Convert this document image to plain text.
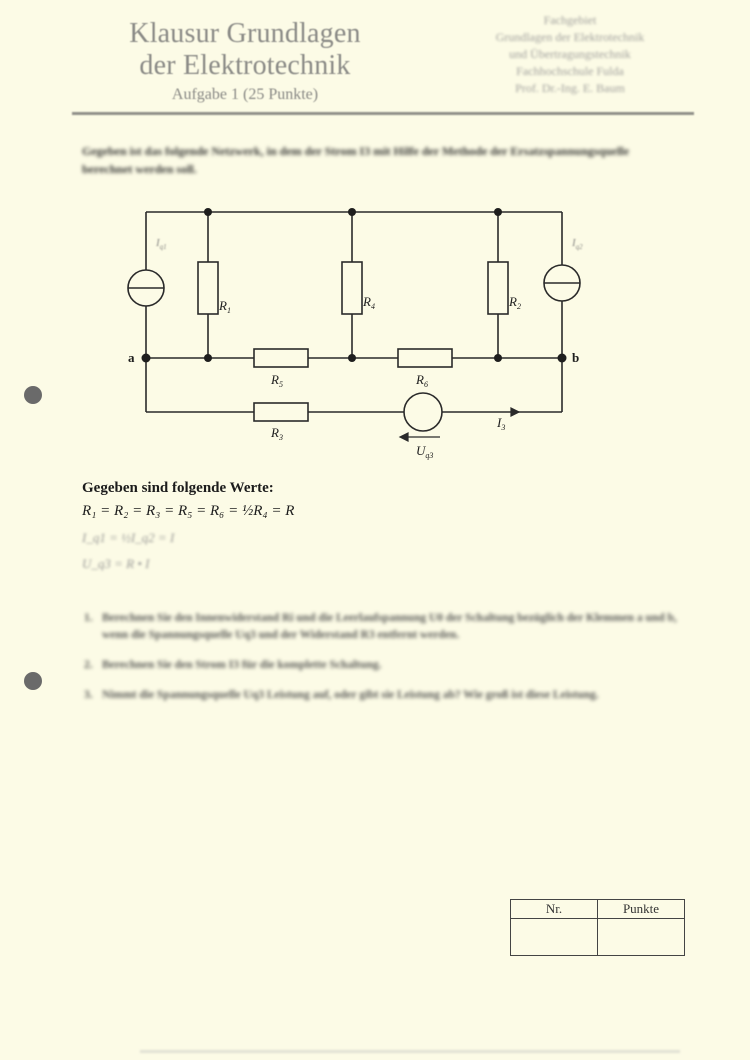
Klausur Grundlagen
der Elektrotechnik
Aufgabe 1 (25 Punkte)
Fachgebiet
Grundlagen der Elektrotechnik
und Übertragungstechnik
Fachhochschule Fulda
Prof. Dr.-Ing. E. Baum
Gegeben ist das folgende Netzwerk, in dem der Strom I3 mit Hilfe der Methode der Ersatzspannungsquelle berechnet werden soll.
$R_1$
$R_4$	$R_2$
$R_5$	$R_6$
$R_3$
$I_3$
$U_{q3}$
$I_{q1}$	$I_{q2}$
a	b
Gegeben sind folgende Werte:
R₁ = R₂ = R₃ = R₅ = R₆ = ½R₄ = R
I_q1 = ½I_q2 = I
U_q3 = R • I
1. Berechnen Sie den Innenwiderstand Ri und die Leerlaufspannung U0 der Schaltung bezüglich der Klemmen a und b, wenn die Spannungsquelle Uq3 und der Widerstand R3 entfernt werden.
2. Berechnen Sie den Strom I3 für die komplette Schaltung.
3. Nimmt die Spannungsquelle Uq3 Leistung auf, oder gibt sie Leistung ab? Wie groß ist diese Leistung.
Nr.	Punkte
